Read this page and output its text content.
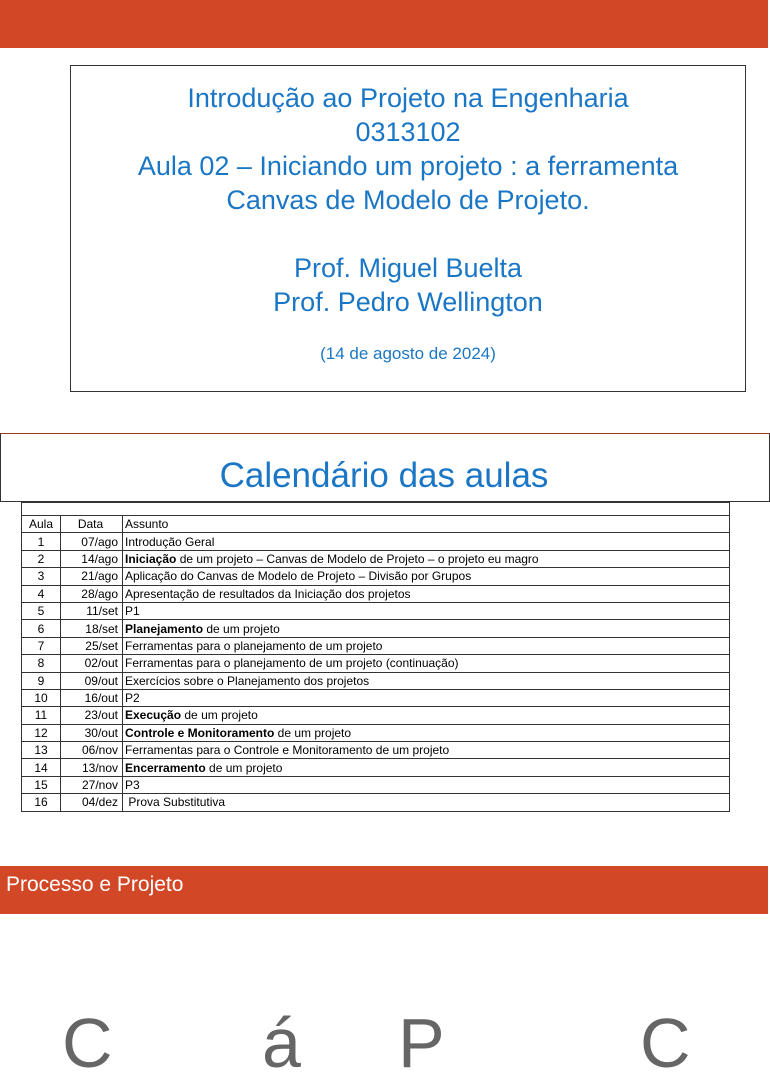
Introdução ao Projeto na Engenharia

0313102

Aula 02 – Iniciando um projeto : a ferramenta

Canvas de Modelo de Projeto.

Prof. Miguel Buelta

Prof. Pedro Wellington

(14 de agosto de 2024)

Calendário das aulas

Aula	Data	Assunto
1	07/ago	Introdução Geral
2	14/ago	Iniciação de um projeto – Canvas de Modelo de Projeto – o projeto eu magro
3	21/ago	Aplicação do Canvas de Modelo de Projeto – Divisão por Grupos
4	28/ago	Apresentação de resultados da Iniciação dos projetos
5	11/set	P1
6	18/set	Planejamento de um projeto
7	25/set	Ferramentas para o planejamento de um projeto
8	02/out	Ferramentas para o planejamento de um projeto (continuação)
9	09/out	Exercícios sobre o Planejamento dos projetos
10	16/out	P2
11	23/out	Execução de um projeto
12	30/out	Controle e Monitoramento de um projeto
13	06/nov	Ferramentas para o Controle e Monitoramento de um projeto
14	13/nov	Encerramento de um projeto
15	27/nov	P3
16	04/dez	Prova Substitutiva
Processo e Projeto
C á P	C
